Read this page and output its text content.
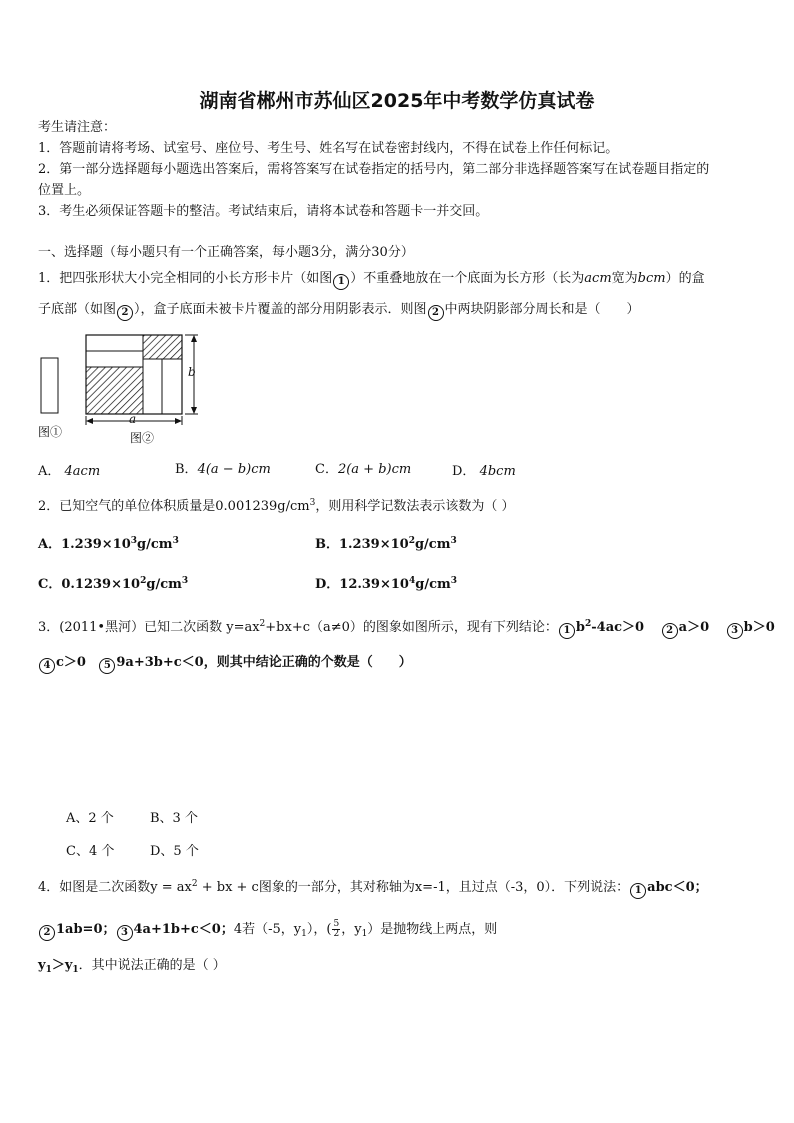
湖南省郴州市苏仙区2025年中考数学仿真试卷
考生请注意：
1．答题前请将考场、试室号、座位号、考生号、姓名写在试卷密封线内，不得在试卷上作任何标记。
2．第一部分选择题每小题选出答案后，需将答案写在试卷指定的括号内，第二部分非选择题答案写在试卷题目指定的
位置上。
3．考生必须保证答题卡的整洁。考试结束后，请将本试卷和答题卡一并交回。
一、选择题（每小题只有一个正确答案，每小题3分，满分30分）
1．把四张形状大小完全相同的小长方形卡片（如图 1 ）不重叠地放在一个底面为长方形（长为acm宽为bcm）的盒
子底部（如图 2 ），盒子底面未被卡片覆盖的部分用阴影表示．则图 2 中两块阴影部分周长和是（　　）
b
a
图①	图②
A． 4acm	B．4(a − b)cm	C．2(a + b)cm	D． 4bcm
2．已知空气的单位体积质量是$0.001239g/cm^3$，则用科学记数法表示该数为（ ）
A．$1.239\times 10^3g/cm^3$	B．$1.239\times 10^2g/cm^3$
C．$0.1239\times 10^2g/cm^3$	D．$12.39\times 10^4g/cm^3$
3．(2011•黑河）已知二次函数 $y=ax^2+bx+c(a\ne 0)$的图象如图所示，现有下列结论： 1 $b^2-4ac>0$ 2 a＞0 3 b＞0
4 c＞0 5 9a+3b+c＜0，则其中结论正确的个数是（　　）
A、2 个	B、3 个
C、4 个	D、5 个
4．如图是二次函数$y = ax^2$ + bx + c图象的一部分，其对称轴为x=-1，且过点（-3，0）．下列说法： 1 abc＜0；
2 1ab=0； 3 4a+1b+c＜0；4若（-5，$y_1$），( $\frac{5}{2}$ ，$y_1$）是抛物线上两点，则
$y_1>y_1$．其中说法正确的是（ ）
